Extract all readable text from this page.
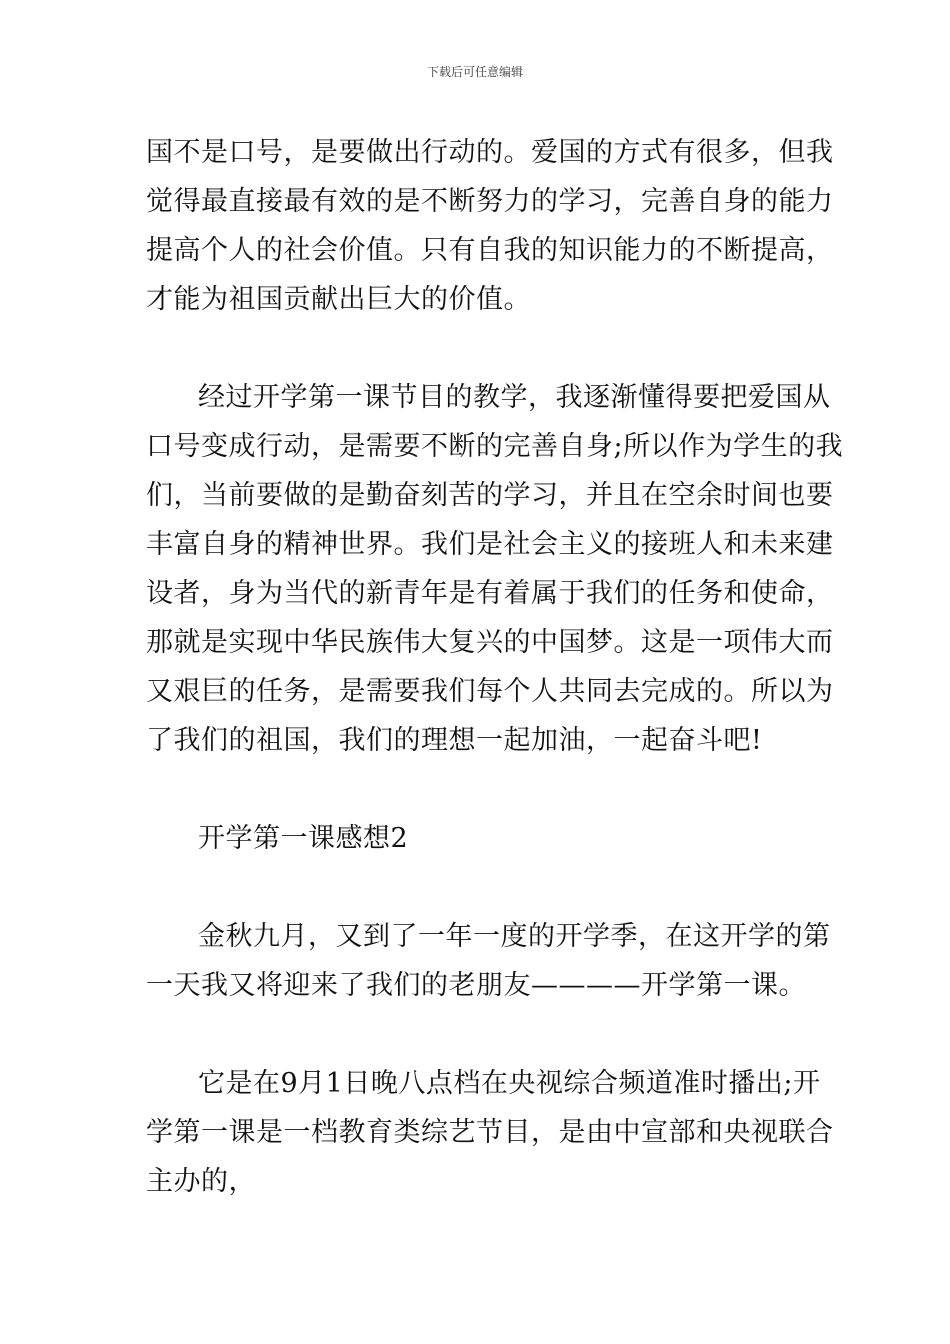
下载后可任意编辑
国不是口号，是要做出行动的。爱国的方式有很多，但我
觉得最直接最有效的是不断努力的学习，完善自身的能力
提高个人的社会价值。只有自我的知识能力的不断提高，
才能为祖国贡献出巨大的价值。
经过开学第一课节目的教学，我逐渐懂得要把爱国从
口号变成行动，是需要不断的完善自身;所以作为学生的我
们，当前要做的是勤奋刻苦的学习，并且在空余时间也要
丰富自身的精神世界。我们是社会主义的接班人和未来建
设者，身为当代的新青年是有着属于我们的任务和使命，
那就是实现中华民族伟大复兴的中国梦。这是一项伟大而
又艰巨的任务，是需要我们每个人共同去完成的。所以为
了我们的祖国，我们的理想一起加油，一起奋斗吧!
开学第一课感想2
金秋九月，又到了一年一度的开学季，在这开学的第
一天我又将迎来了我们的老朋友————开学第一课。
它是在9月1日晚八点档在央视综合频道准时播出;开
学第一课是一档教育类综艺节目，是由中宣部和央视联合
主办的，
